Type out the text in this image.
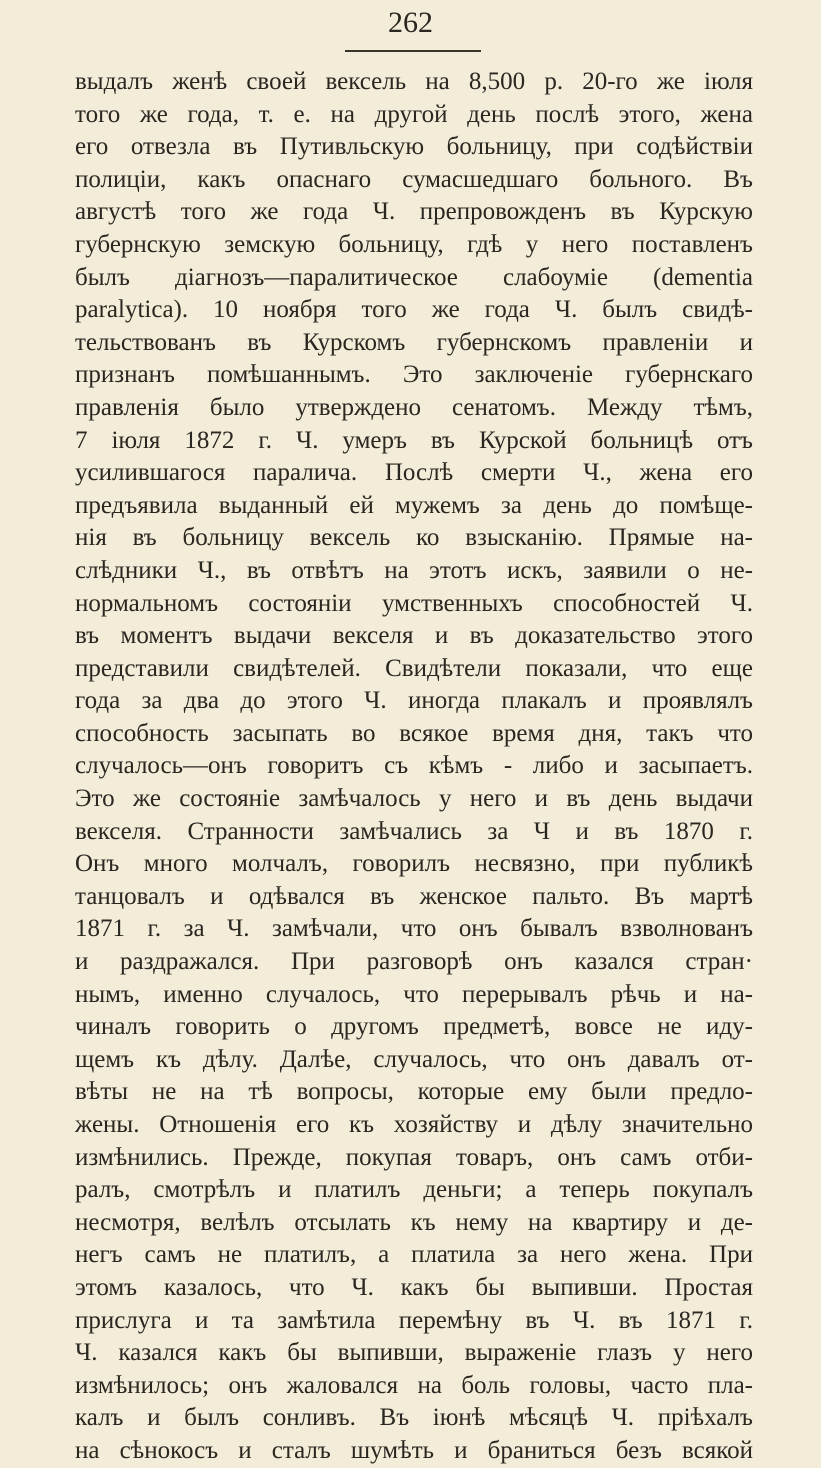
262
выдалъ женѣ своей вексель на 8,500 р. 20-го же іюля
того же года, т. е. на другой день послѣ этого, жена
его отвезла въ Путивльскую больницу, при содѣйствіи
полиціи, какъ опаснаго сумасшедшаго больного. Въ
августѣ того же года Ч. препровожденъ въ Курскую
губернскую земскую больницу, гдѣ у него поставленъ
былъ діагнозъ—паралитическое слабоуміе (dementia
paralytica). 10 ноября того же года Ч. былъ свидѣ-
тельствованъ въ Курскомъ губернскомъ правленіи и
признанъ помѣшаннымъ. Это заключеніе губернскаго
правленія было утверждено сенатомъ. Между тѣмъ,
7 іюля 1872 г. Ч. умеръ въ Курской больницѣ отъ
усилившагося паралича. Послѣ смерти Ч., жена его
предъявила выданный ей мужемъ за день до помѣще-
нія въ больницу вексель ко взысканію. Прямые на-
слѣдники Ч., въ отвѣтъ на этотъ искъ, заявили о не-
нормальномъ состояніи умственныхъ способностей Ч.
въ моментъ выдачи векселя и въ доказательство этого
представили свидѣтелей. Свидѣтели показали, что еще
года за два до этого Ч. иногда плакалъ и проявлялъ
способность засыпать во всякое время дня, такъ что
случалось—онъ говоритъ съ кѣмъ - либо и засыпаетъ.
Это же состояніе замѣчалось у него и въ день выдачи
векселя. Странности замѣчались за Ч и въ 1870 г.
Онъ много молчалъ, говорилъ несвязно, при публикѣ
танцовалъ и одѣвался въ женское пальто. Въ мартѣ
1871 г. за Ч. замѣчали, что онъ бывалъ взволнованъ
и раздражался. При разговорѣ онъ казался стран·
нымъ, именно случалось, что перерывалъ рѣчь и на-
чиналъ говорить о другомъ предметѣ, вовсе не иду-
щемъ къ дѣлу. Далѣе, случалось, что онъ давалъ от-
вѣты не на тѣ вопросы, которые ему были предло-
жены. Отношенія его къ хозяйству и дѣлу значительно
измѣнились. Прежде, покупая товаръ, онъ самъ отби-
ралъ, смотрѣлъ и платилъ деньги; а теперь покупалъ
несмотря, велѣлъ отсылать къ нему на квартиру и де-
негъ самъ не платилъ, а платила за него жена. При
этомъ казалось, что Ч. какъ бы выпивши. Простая
прислуга и та замѣтила перемѣну въ Ч. въ 1871 г.
Ч. казался какъ бы выпивши, выраженіе глазъ у него
измѣнилось; онъ жаловался на боль головы, часто пла-
калъ и былъ сонливъ. Въ іюнѣ мѣсяцѣ Ч. пріѣхалъ
на сѣнокосъ и сталъ шумѣть и браниться безъ всякой
